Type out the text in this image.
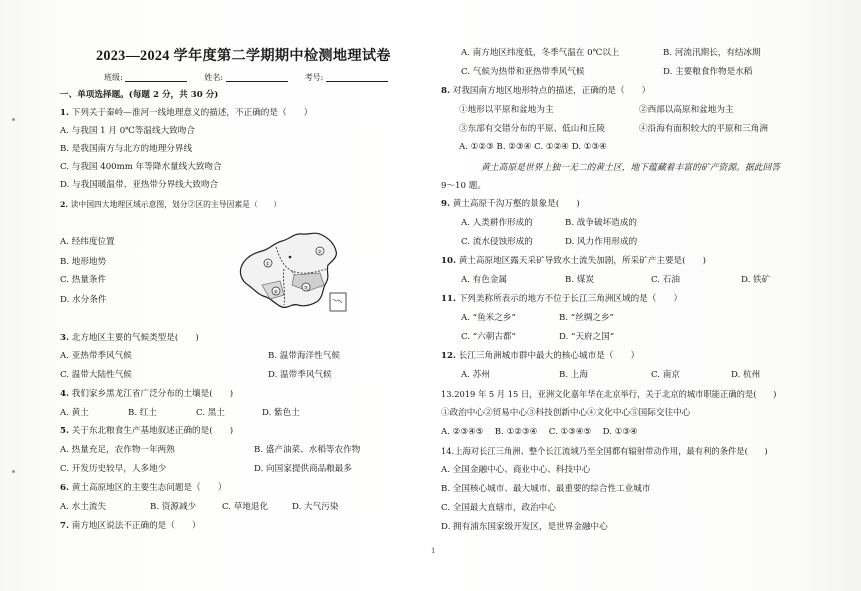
2023—2024 学年度第二学期期中检测地理试卷
班级:	姓名:	考号:
一、单项选择题。(每题 2 分，共 30 分)
1. 下列关于秦岭—淮河一线地理意义的描述，不正确的是（　　）
A. 与我国 1 月 0℃等温线大致吻合
B. 是我国南方与北方的地理分界线
C. 与我国 400mm 年等降水量线大致吻合
D. 与我国暖温带、亚热带分界线大致吻合
2. 读中国四大地理区域示意图，划分②区的主导因素是（　　）
A. 经纬度位置
B. 地形地势
C. 热量条件
D. 水分条件
①
②
③
④
3. 北方地区主要的气候类型是(　　)
A. 亚热带季风气候	B. 温带海洋性气候
C. 温带大陆性气候	D. 温带季风气候
4. 我们家乡黑龙江省广泛分布的土壤是(　　)
A. 黄土	B. 红土	C. 黑土	D. 紫色土
5. 关于东北粮食生产基地叙述正确的是(　　)
A. 热量充足，农作物一年两熟	B. 盛产油菜、水稻等农作物
C. 开发历史较早，人多地少	D. 向国家提供商品粮最多
6. 黄土高原地区的主要生态问题是（　　）
A. 水土流失	B. 资源减少	C. 草地退化	D. 大气污染
7. 南方地区说法不正确的是（　　）
A. 南方地区纬度低，冬季气温在 0℃以上	B. 河流汛期长，有结冰期
C. 气候为热带和亚热带季风气候	D. 主要粮食作物是水稻
8. 对我国南方地区地形特点的描述，正确的是（　　）
①地形以平原和盆地为主	②西部以高原和盆地为主
③东部有交错分布的平原、低山和丘陵	④沿海有面积较大的平原和三角洲
A. ①②③ B. ②③④ C. ①②④ D. ①③④
黄土高原是世界上独一无二的黄土区，地下蕴藏着丰富的矿产资源。据此回答
9～10 题。
9. 黄土高原千沟万壑的景象是(　　)
A. 人类耕作形成的	B. 战争破坏造成的
C. 流水侵蚀形成的	D. 风力作用形成的
10. 黄土高原地区露天采矿导致水土流失加剧，所采矿产主要是(　　)
A. 有色金属	B. 煤炭	C. 石油	D. 铁矿
11. 下列美称所表示的地方不位于长江三角洲区域的是（　　）
A. “鱼米之乡”	B. “丝绸之乡”
C. “六朝古都”	D. “天府之国”
12. 长江三角洲城市群中最大的核心城市是（　　）
A. 苏州	B. 上海	C. 南京	D. 杭州
13.2019 年 5 月 15 日，亚洲文化嘉年华在北京举行，关于北京的城市职能正确的是(　　)
①政治中心②贸易中心③科技创新中心④文化中心⑤国际交往中心
A. ②③④⑤　 B. ①②③④　 C. ①③④⑤　 D. ①③④
14.上海对长江三角洲、整个长江流域乃至全国都有辐射带动作用，最有利的条件是(　　)
A. 全国金融中心、商业中心、科技中心
B. 全国核心城市、最大城市、最重要的综合性工业城市
C. 全国最大直辖市，政治中心
D. 拥有浦东国家级开发区，是世界金融中心
1
